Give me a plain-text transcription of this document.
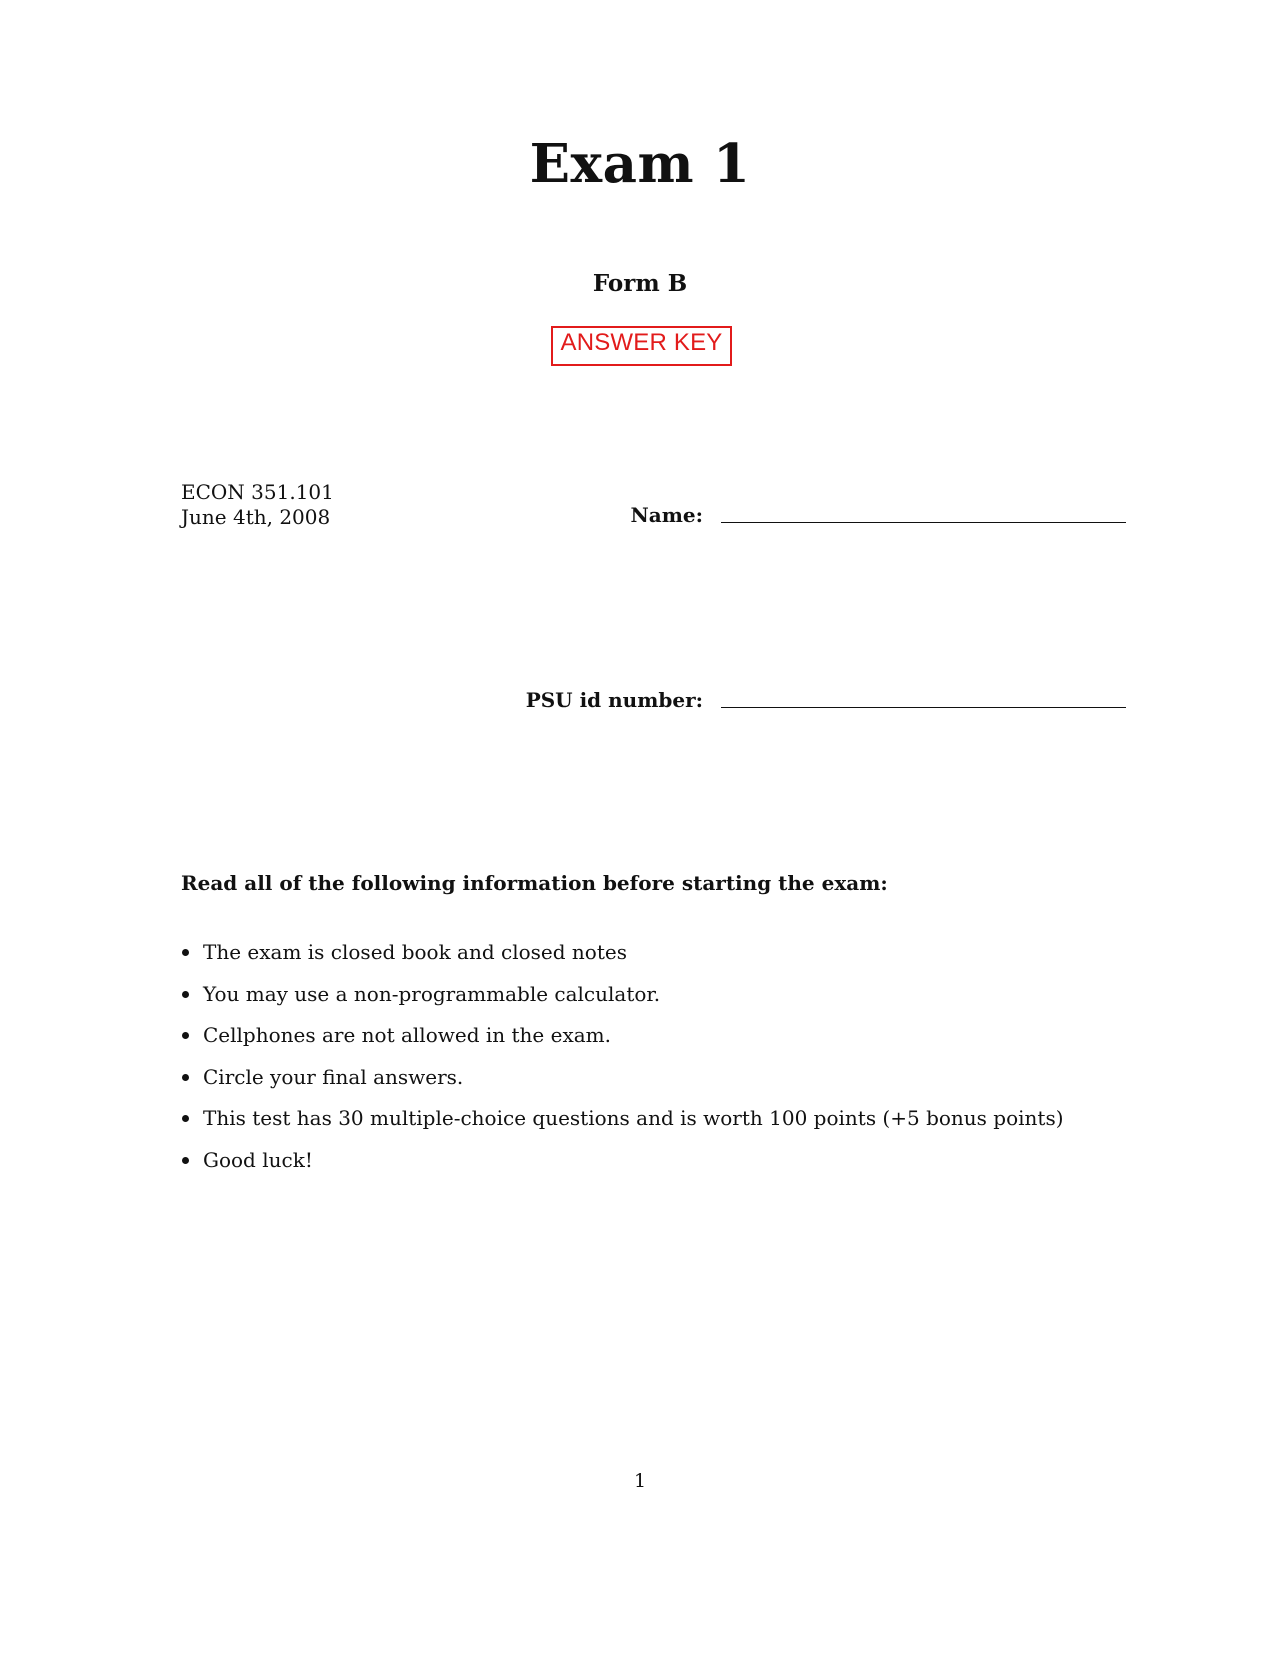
Exam 1
Form B
ANSWER KEY
ECON 351.101
June 4th, 2008	Name:
PSU id number:
Read all of the following information before starting the exam:
The exam is closed book and closed notes
You may use a non-programmable calculator.
Cellphones are not allowed in the exam.
Circle your final answers.
This test has 30 multiple-choice questions and is worth 100 points (+5 bonus points)
Good luck!
1
